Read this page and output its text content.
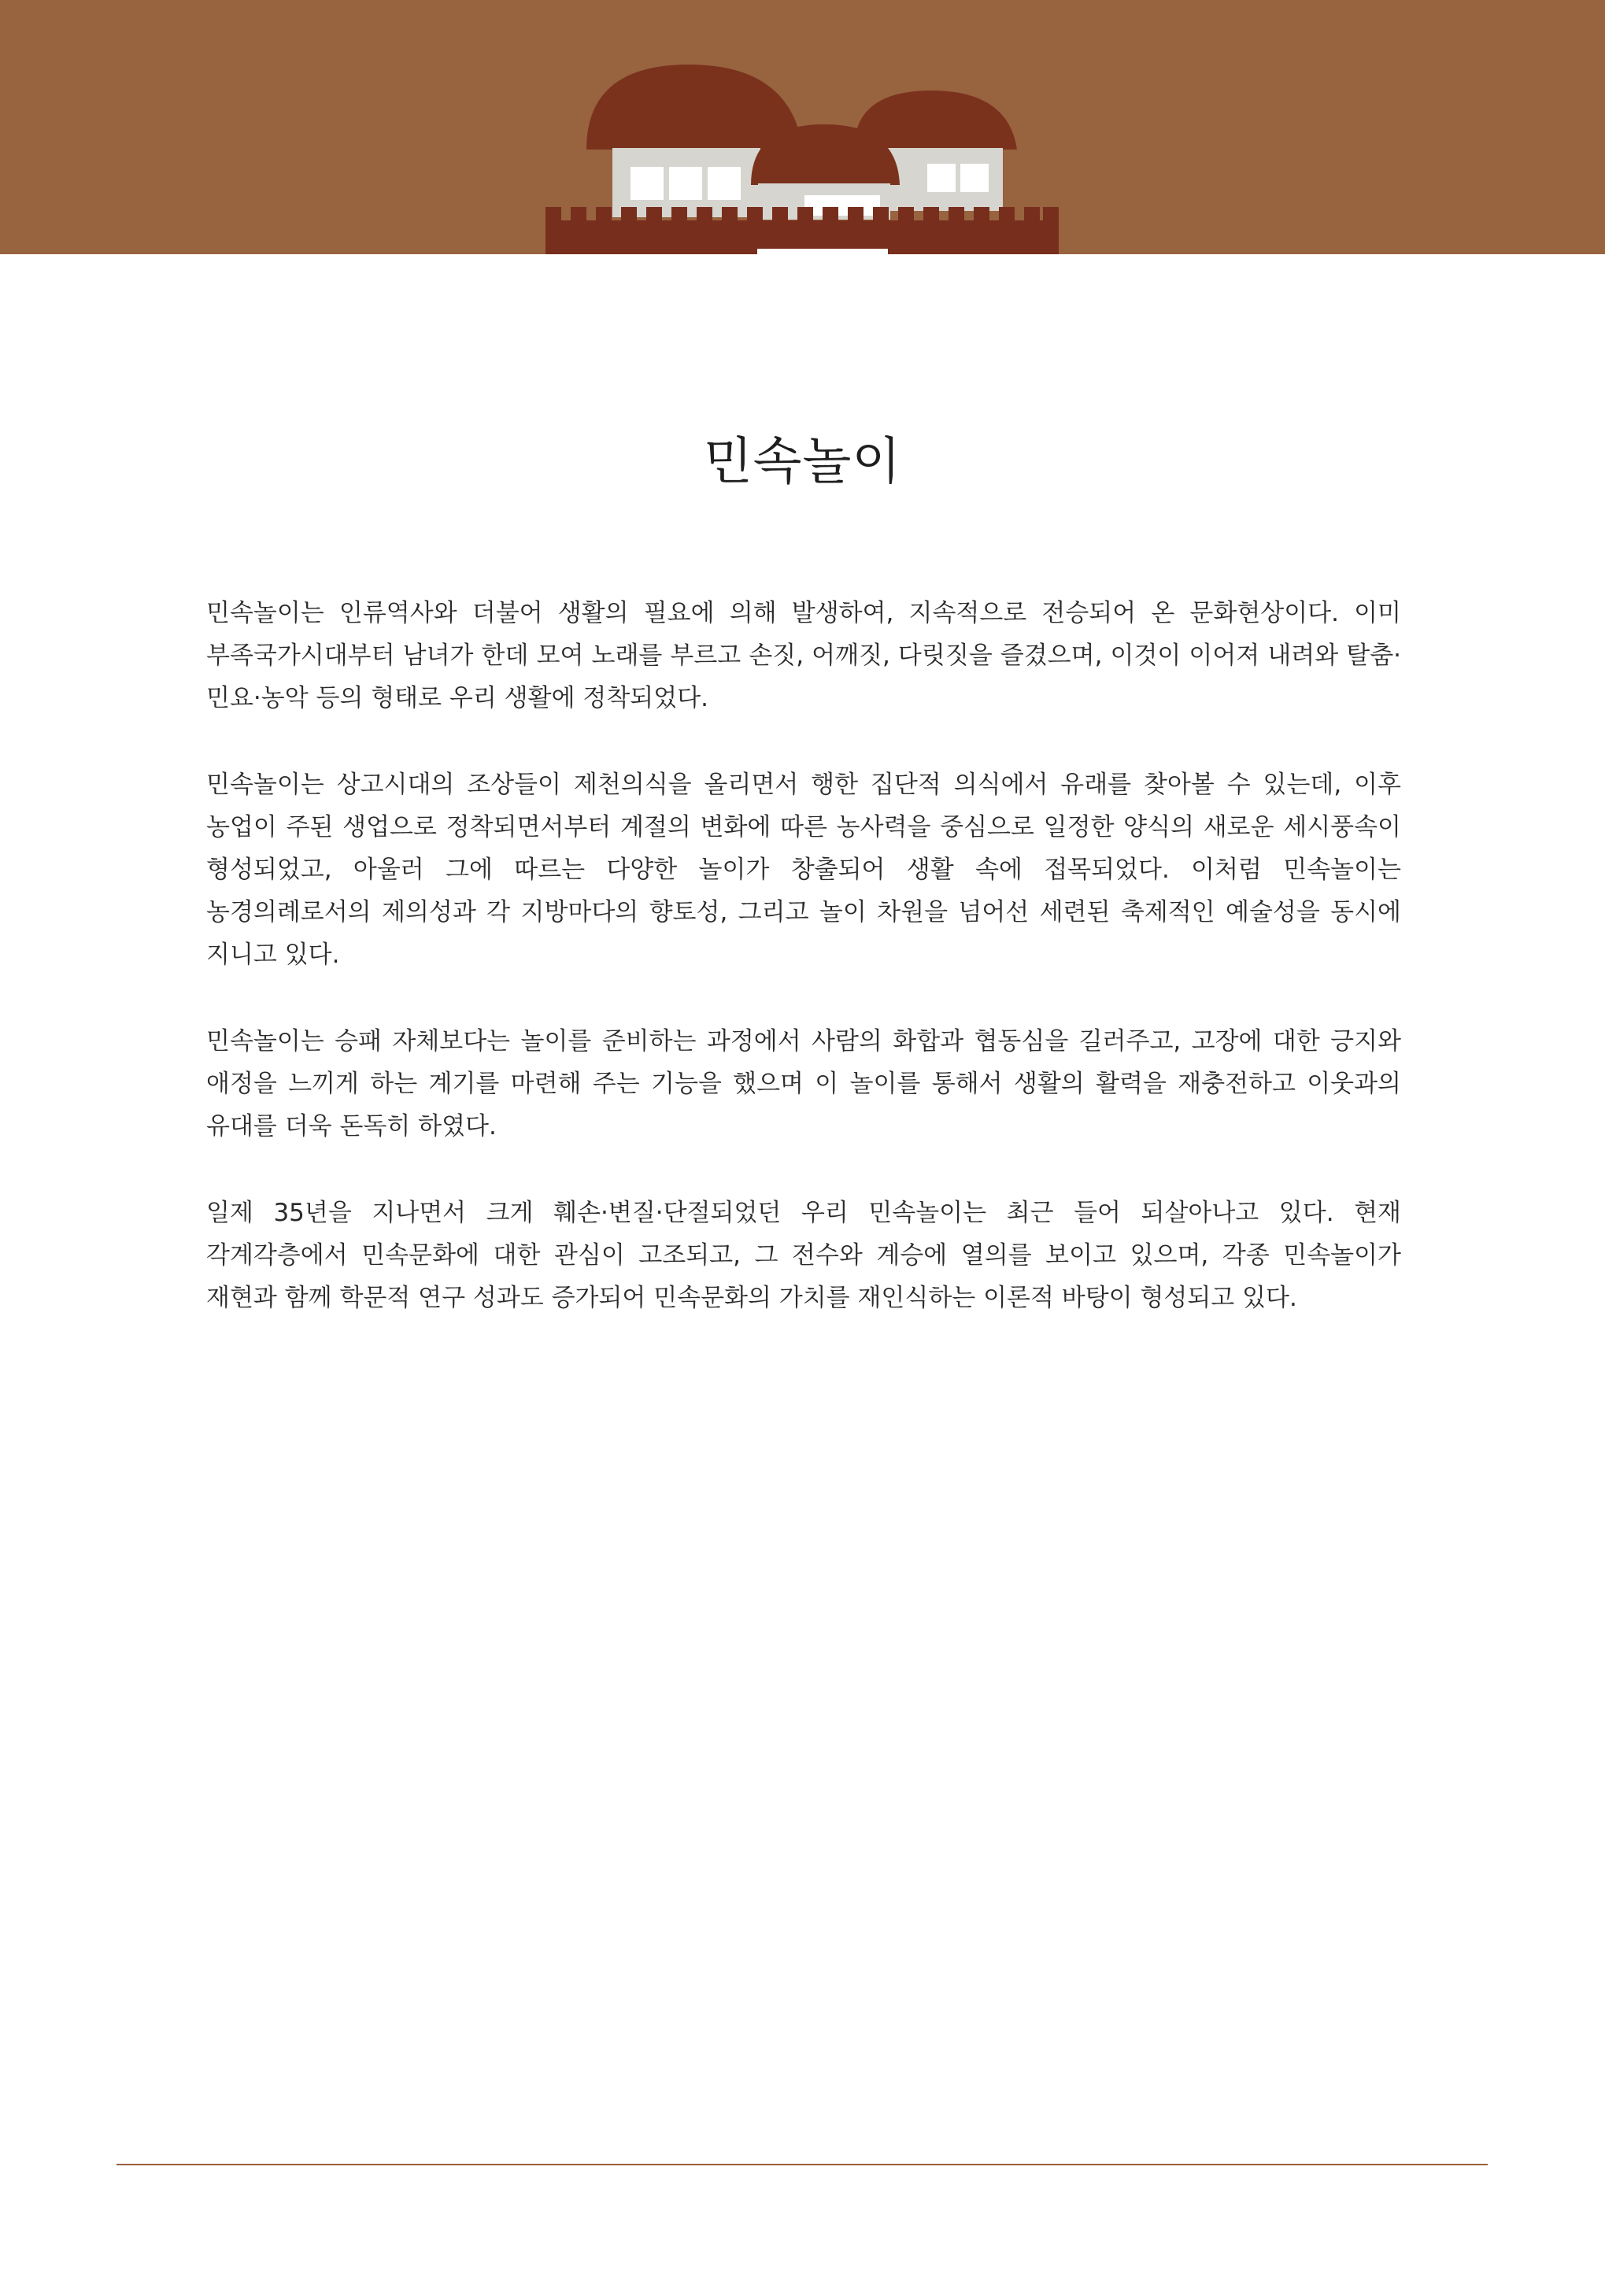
민속놀이

민속놀이는 인류역사와 더불어 생활의 필요에 의해 발생하여, 지속적으로 전승되어 온 문화현상이다. 이미 부족국가시대부터 남녀가 한데 모여 노래를 부르고 손짓, 어깨짓, 다릿짓을 즐겼으며, 이것이 이어져 내려와 탈춤·민요·농악 등의 형태로 우리 생활에 정착되었다.

민속놀이는 상고시대의 조상들이 제천의식을 올리면서 행한 집단적 의식에서 유래를 찾아볼 수 있는데, 이후 농업이 주된 생업으로 정착되면서부터 계절의 변화에 따른 농사력을 중심으로 일정한 양식의 새로운 세시풍속이 형성되었고, 아울러 그에 따르는 다양한 놀이가 창출되어 생활 속에 접목되었다. 이처럼 민속놀이는 농경의례로서의 제의성과 각 지방마다의 향토성, 그리고 놀이 차원을 넘어선 세련된 축제적인 예술성을 동시에 지니고 있다.

민속놀이는 승패 자체보다는 놀이를 준비하는 과정에서 사람의 화합과 협동심을 길러주고, 고장에 대한 긍지와 애정을 느끼게 하는 계기를 마련해 주는 기능을 했으며 이 놀이를 통해서 생활의 활력을 재충전하고 이웃과의 유대를 더욱 돈독히 하였다.

일제 35년을 지나면서 크게 훼손·변질·단절되었던 우리 민속놀이는 최근 들어 되살아나고 있다. 현재 각계각층에서 민속문화에 대한 관심이 고조되고, 그 전수와 계승에 열의를 보이고 있으며, 각종 민속놀이가 재현과 함께 학문적 연구 성과도 증가되어 민속문화의 가치를 재인식하는 이론적 바탕이 형성되고 있다.
